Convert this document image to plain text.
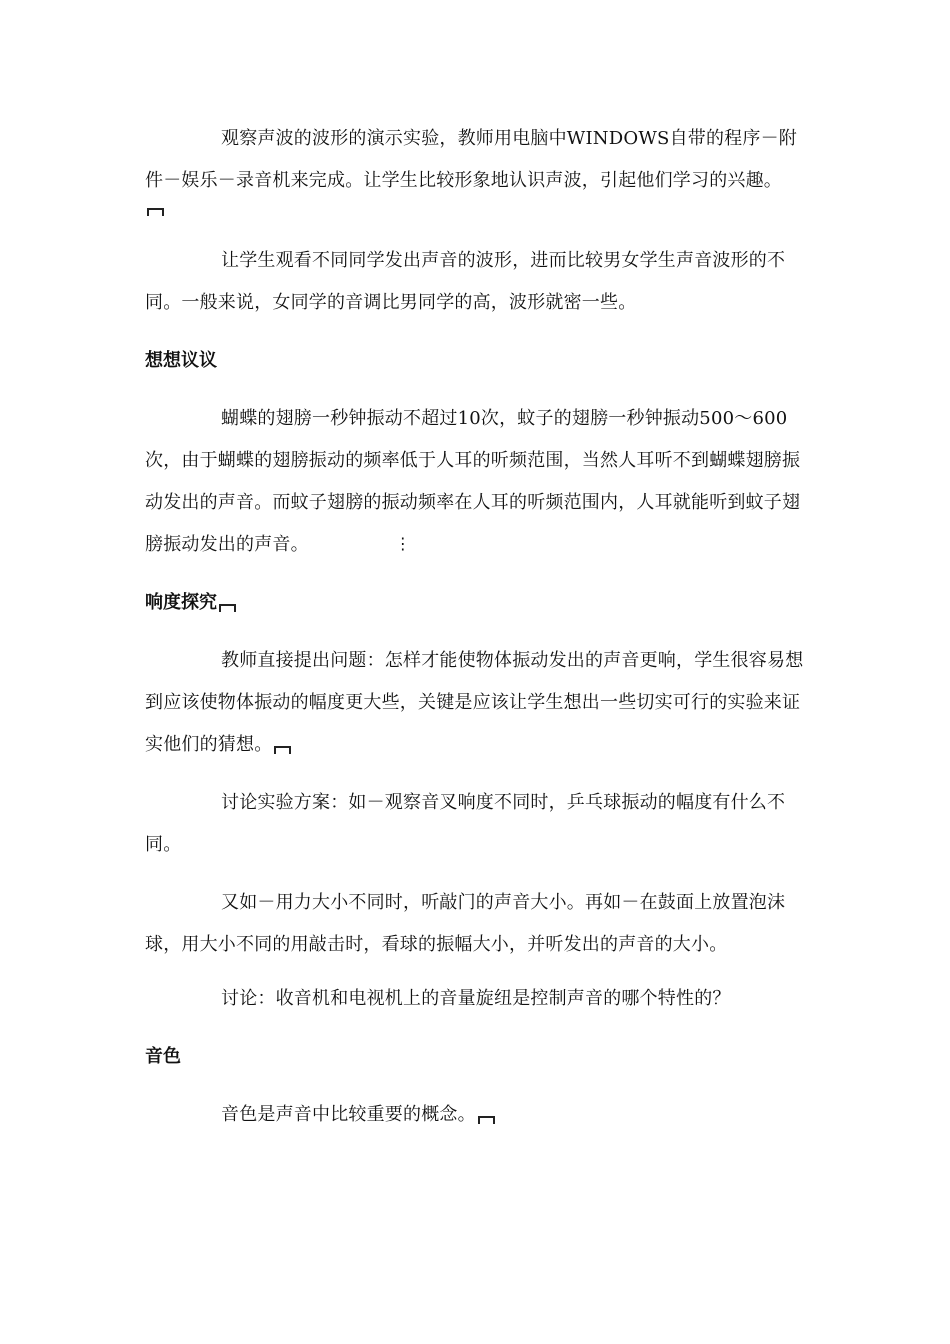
观察声波的波形的演示实验，教师用电脑中WINDOWS自带的程序－附件－娱乐－录音机来完成。让学生比较形象地认识声波，引起他们学习的兴趣。

让学生观看不同同学发出声音的波形，进而比较男女学生声音波形的不同。一般来说，女同学的音调比男同学的高，波形就密一些。

想想议议

蝴蝶的翅膀一秒钟振动不超过10次，蚊子的翅膀一秒钟振动500～600次，由于蝴蝶的翅膀振动的频率低于人耳的听频范围，当然人耳听不到蝴蝶翅膀振动发出的声音。而蚊子翅膀的振动频率在人耳的听频范围内，人耳就能听到蚊子翅膀振动发出的声音。	⋮

响度探究

教师直接提出问题：怎样才能使物体振动发出的声音更响，学生很容易想到应该使物体振动的幅度更大些，关键是应该让学生想出一些切实可行的实验来证实他们的猜想。

讨论实验方案：如－观察音叉响度不同时，乒乓球振动的幅度有什么不同。

又如－用力大小不同时，听敲门的声音大小。再如－在鼓面上放置泡沫球，用大小不同的用敲击时，看球的振幅大小，并听发出的声音的大小。

讨论：收音机和电视机上的音量旋纽是控制声音的哪个特性的？

音色

音色是声音中比较重要的概念。
